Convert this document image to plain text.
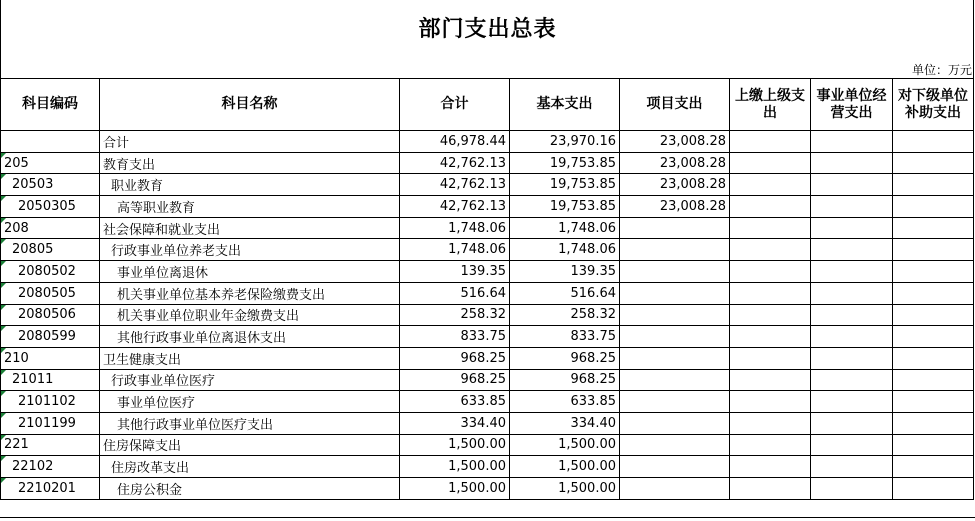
部门支出总表
单位：万元
科目编码	科目名称	合计	基本支出	项目支出	上缴上级支出	事业单位经营支出	对下级单位补助支出
	合计	46,978.44	23,970.16	23,008.28			
205	教育支出	42,762.13	19,753.85	23,008.28			
20503	职业教育	42,762.13	19,753.85	23,008.28			
2050305	高等职业教育	42,762.13	19,753.85	23,008.28			
208	社会保障和就业支出	1,748.06	1,748.06				
20805	行政事业单位养老支出	1,748.06	1,748.06				
2080502	事业单位离退休	139.35	139.35				
2080505	机关事业单位基本养老保险缴费支出	516.64	516.64				
2080506	机关事业单位职业年金缴费支出	258.32	258.32				
2080599	其他行政事业单位离退休支出	833.75	833.75				
210	卫生健康支出	968.25	968.25				
21011	行政事业单位医疗	968.25	968.25				
2101102	事业单位医疗	633.85	633.85				
2101199	其他行政事业单位医疗支出	334.40	334.40				
221	住房保障支出	1,500.00	1,500.00				
22102	住房改革支出	1,500.00	1,500.00				
2210201	住房公积金	1,500.00	1,500.00				
